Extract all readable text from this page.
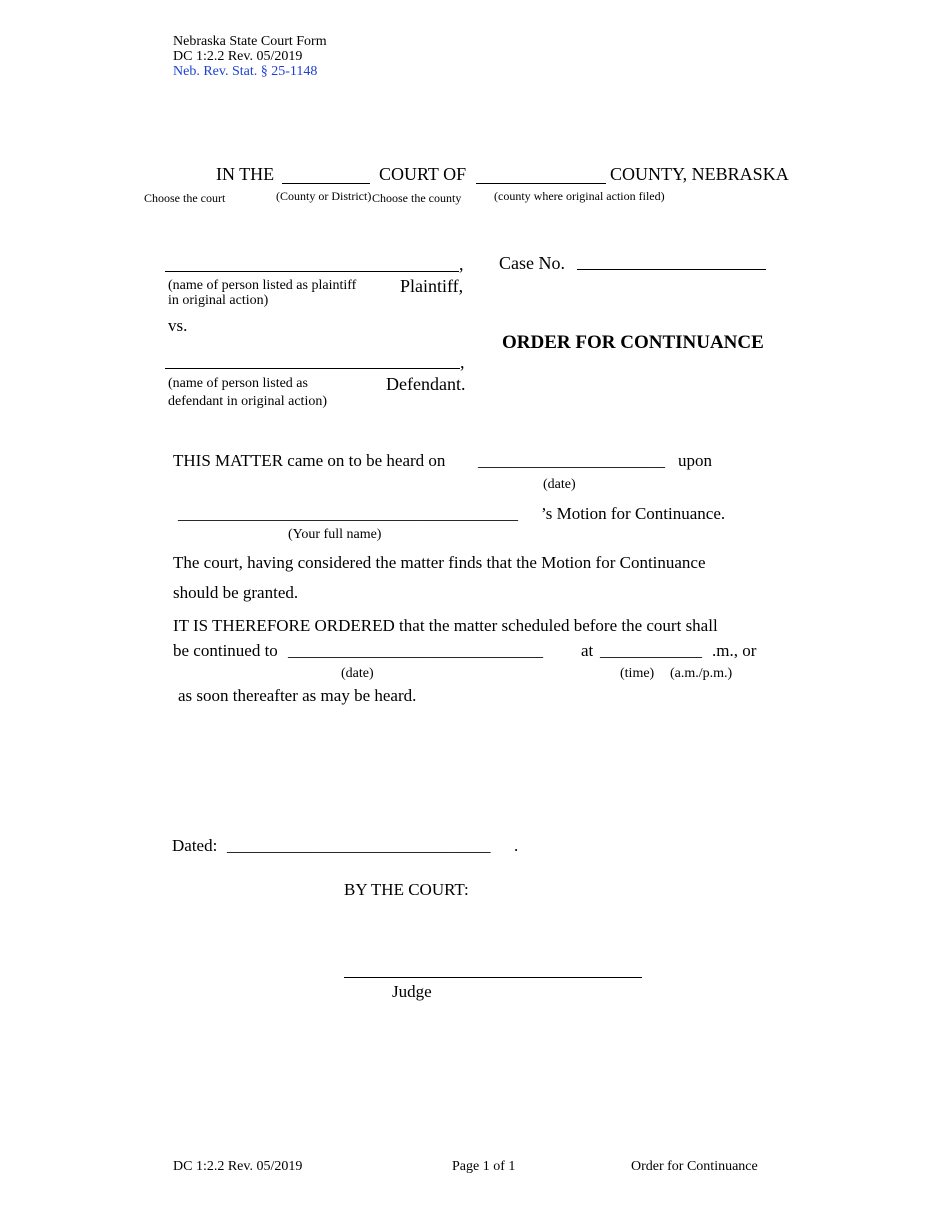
Nebraska State Court Form
DC 1:2.2 Rev. 05/2019
Neb. Rev. Stat. § 25-1148
IN THE	COURT OF	COUNTY, NEBRASKA
Choose the court	(County or District) Choose the county	(county where original action filed)
,
(name of person listed as plaintiff
in original action)
Plaintiff,
vs.
,
(name of person listed as
defendant in original action)
Defendant.
Case No.
ORDER FOR CONTINUANCE
THIS MATTER came on to be heard on ______________________ upon
(date)
________________________________________ ’s Motion for Continuance.
(Your full name)
The court, having considered the matter finds that the Motion for Continuance
should be granted.
IT IS THEREFORE ORDERED that the matter scheduled before the court shall
be continued to ______________________________ at ____________ .m., or
(date)	(time) (a.m./p.m.)
as soon thereafter as may be heard.
Dated: _______________________________ .
BY THE COURT:
Judge
DC 1:2.2 Rev. 05/2019	Page 1 of 1	Order for Continuance
